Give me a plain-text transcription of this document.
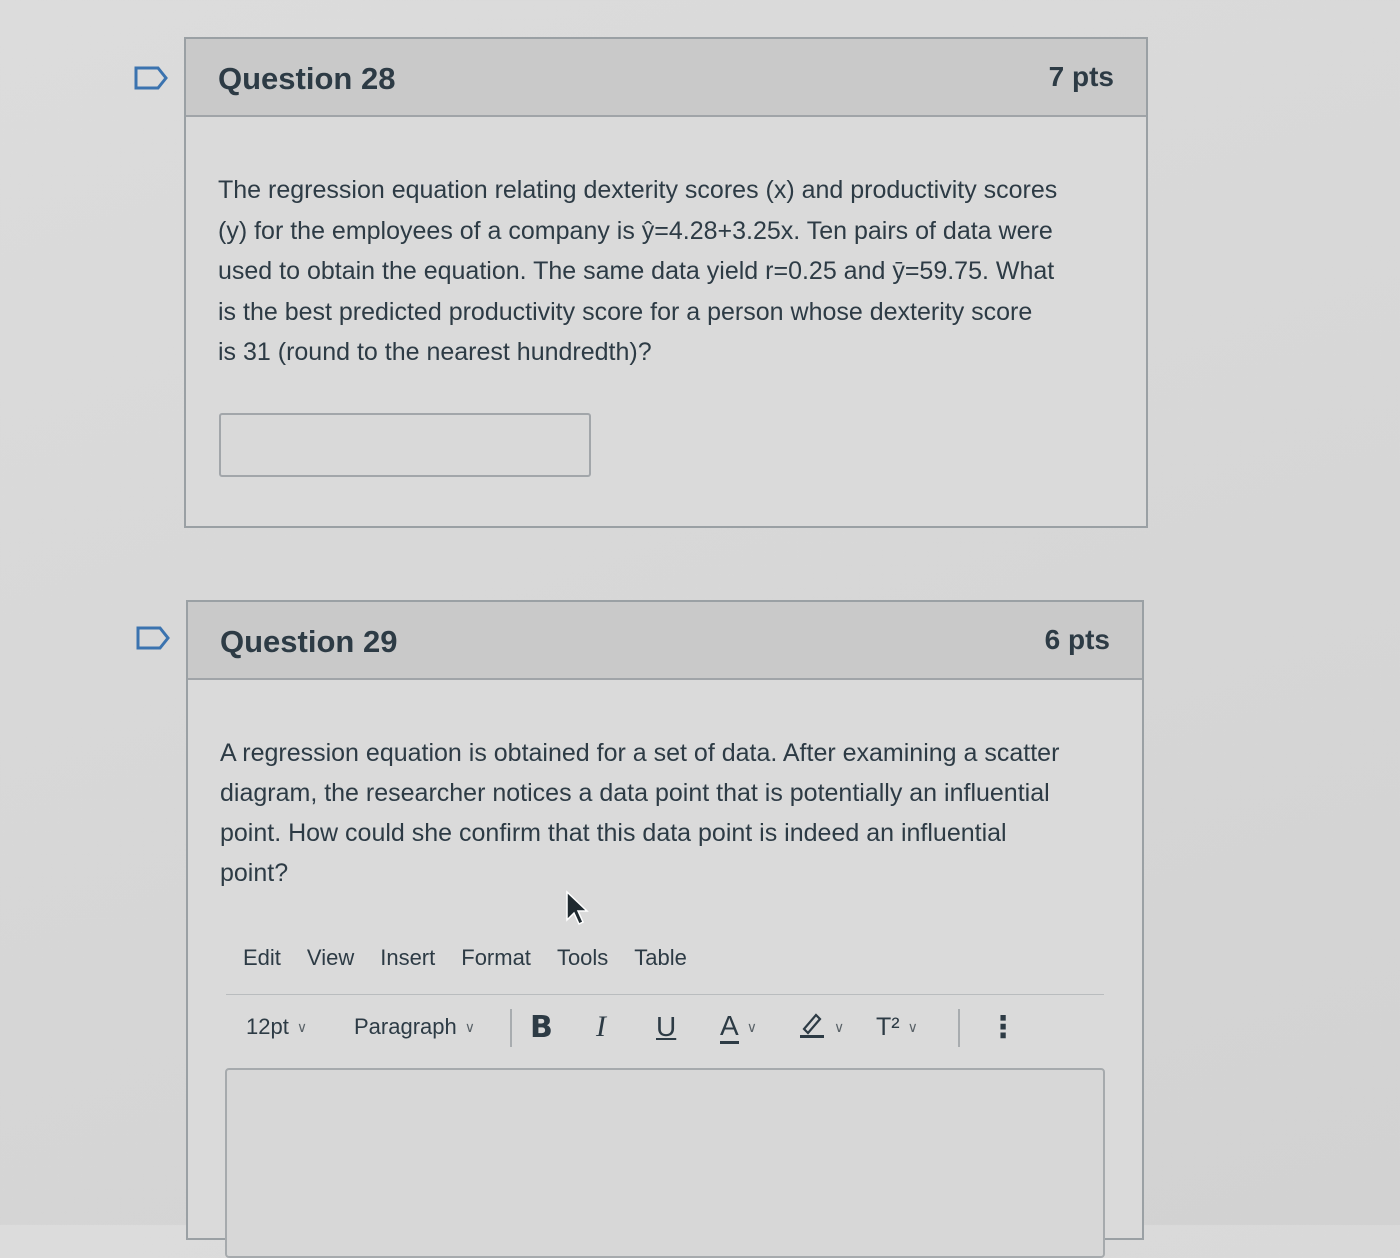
Question 28	7 pts
The regression equation relating dexterity scores (x) and productivity scores
(y) for the employees of a company is ŷ=4.28+3.25x. Ten pairs of data were
used to obtain the equation. The same data yield r=0.25 and ȳ=59.75. What
is the best predicted productivity score for a person whose dexterity score
is 31 (round to the nearest hundredth)?
Question 29	6 pts
A regression equation is obtained for a set of data. After examining a scatter
diagram, the researcher notices a data point that is potentially an influential
point. How could she confirm that this data point is indeed an influential
point?
Edit View Insert Format Tools Table
12pt ∨ Paragraph ∨ B I U A ∨	∨ T² ∨ ⋮
